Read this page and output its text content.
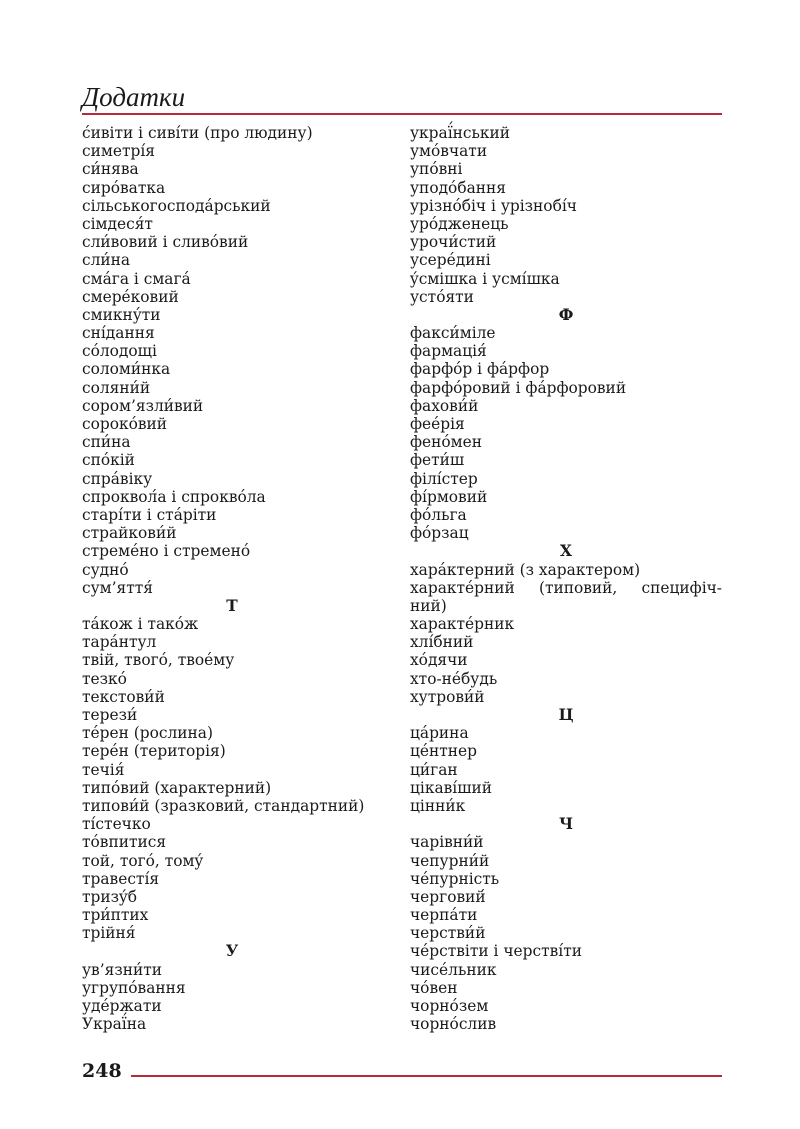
Додатки
с́ивіти і сивíти (про людину)
симетрíя
си́нява
сирóватка
сільськогосподáрський
сімдеся́т
сли́вовий і сливóвий
сли́на
смáга і смагá
смерéковий
смикну́ти
снíдання
сóлодощі
соломи́нка
соляни́й
сором’язли́вий
сорокóвий
спи́на
спóкій
спрáвіку
спроквол́а і спроквóла
старíти і стáріти
страйкови́й
стремéно і стременó
суднó
сум’яття́
Т
тáкож і такóж
тарáнтул
твій, твогó, твоéму
тезкó
текстови́й
терези́
тéрен (рослина)
терéн (територія)
течія́
типóвий (характерний)
типови́й (зразковий, стандартний)
тíстечко
тóвпитися
той, тогó, томý
травестíя
тризýб
три́птих
трійня́
У
ув’язни́ти
угрупóвання
удéржати
Украї́на
украї́нський
умóвчати
упóвні
уподóбання
урізнóбіч і урізнобíч
урóдженець
урочи́стий
усерéдині
ýсмішка і усмíшка
устóяти
Ф
факси́міле
фармація́
фарфóр і фáрфор
фарфóровий і фáрфоровий
фахови́й
феéрія
фенóмен
фети́ш
філíстер
фíрмовий
фóльга
фóрзац
Х
харáктерний (з характером)
характéрний (типовий, специфіч-
ний)
характéрник
хлíбний
хóдячи
хто-нéбудь
хутрови́й
Ц
цáрина
цéнтнер
ци́ган
цікавíший
цінни́к
Ч
чарівни́й
чепурни́й
чéпурність
черговий́
черпáти
черстви́й
чéрствіти і черстві́ти
чисéльник
чóвен
чорнóзем
чорнóслив

248
